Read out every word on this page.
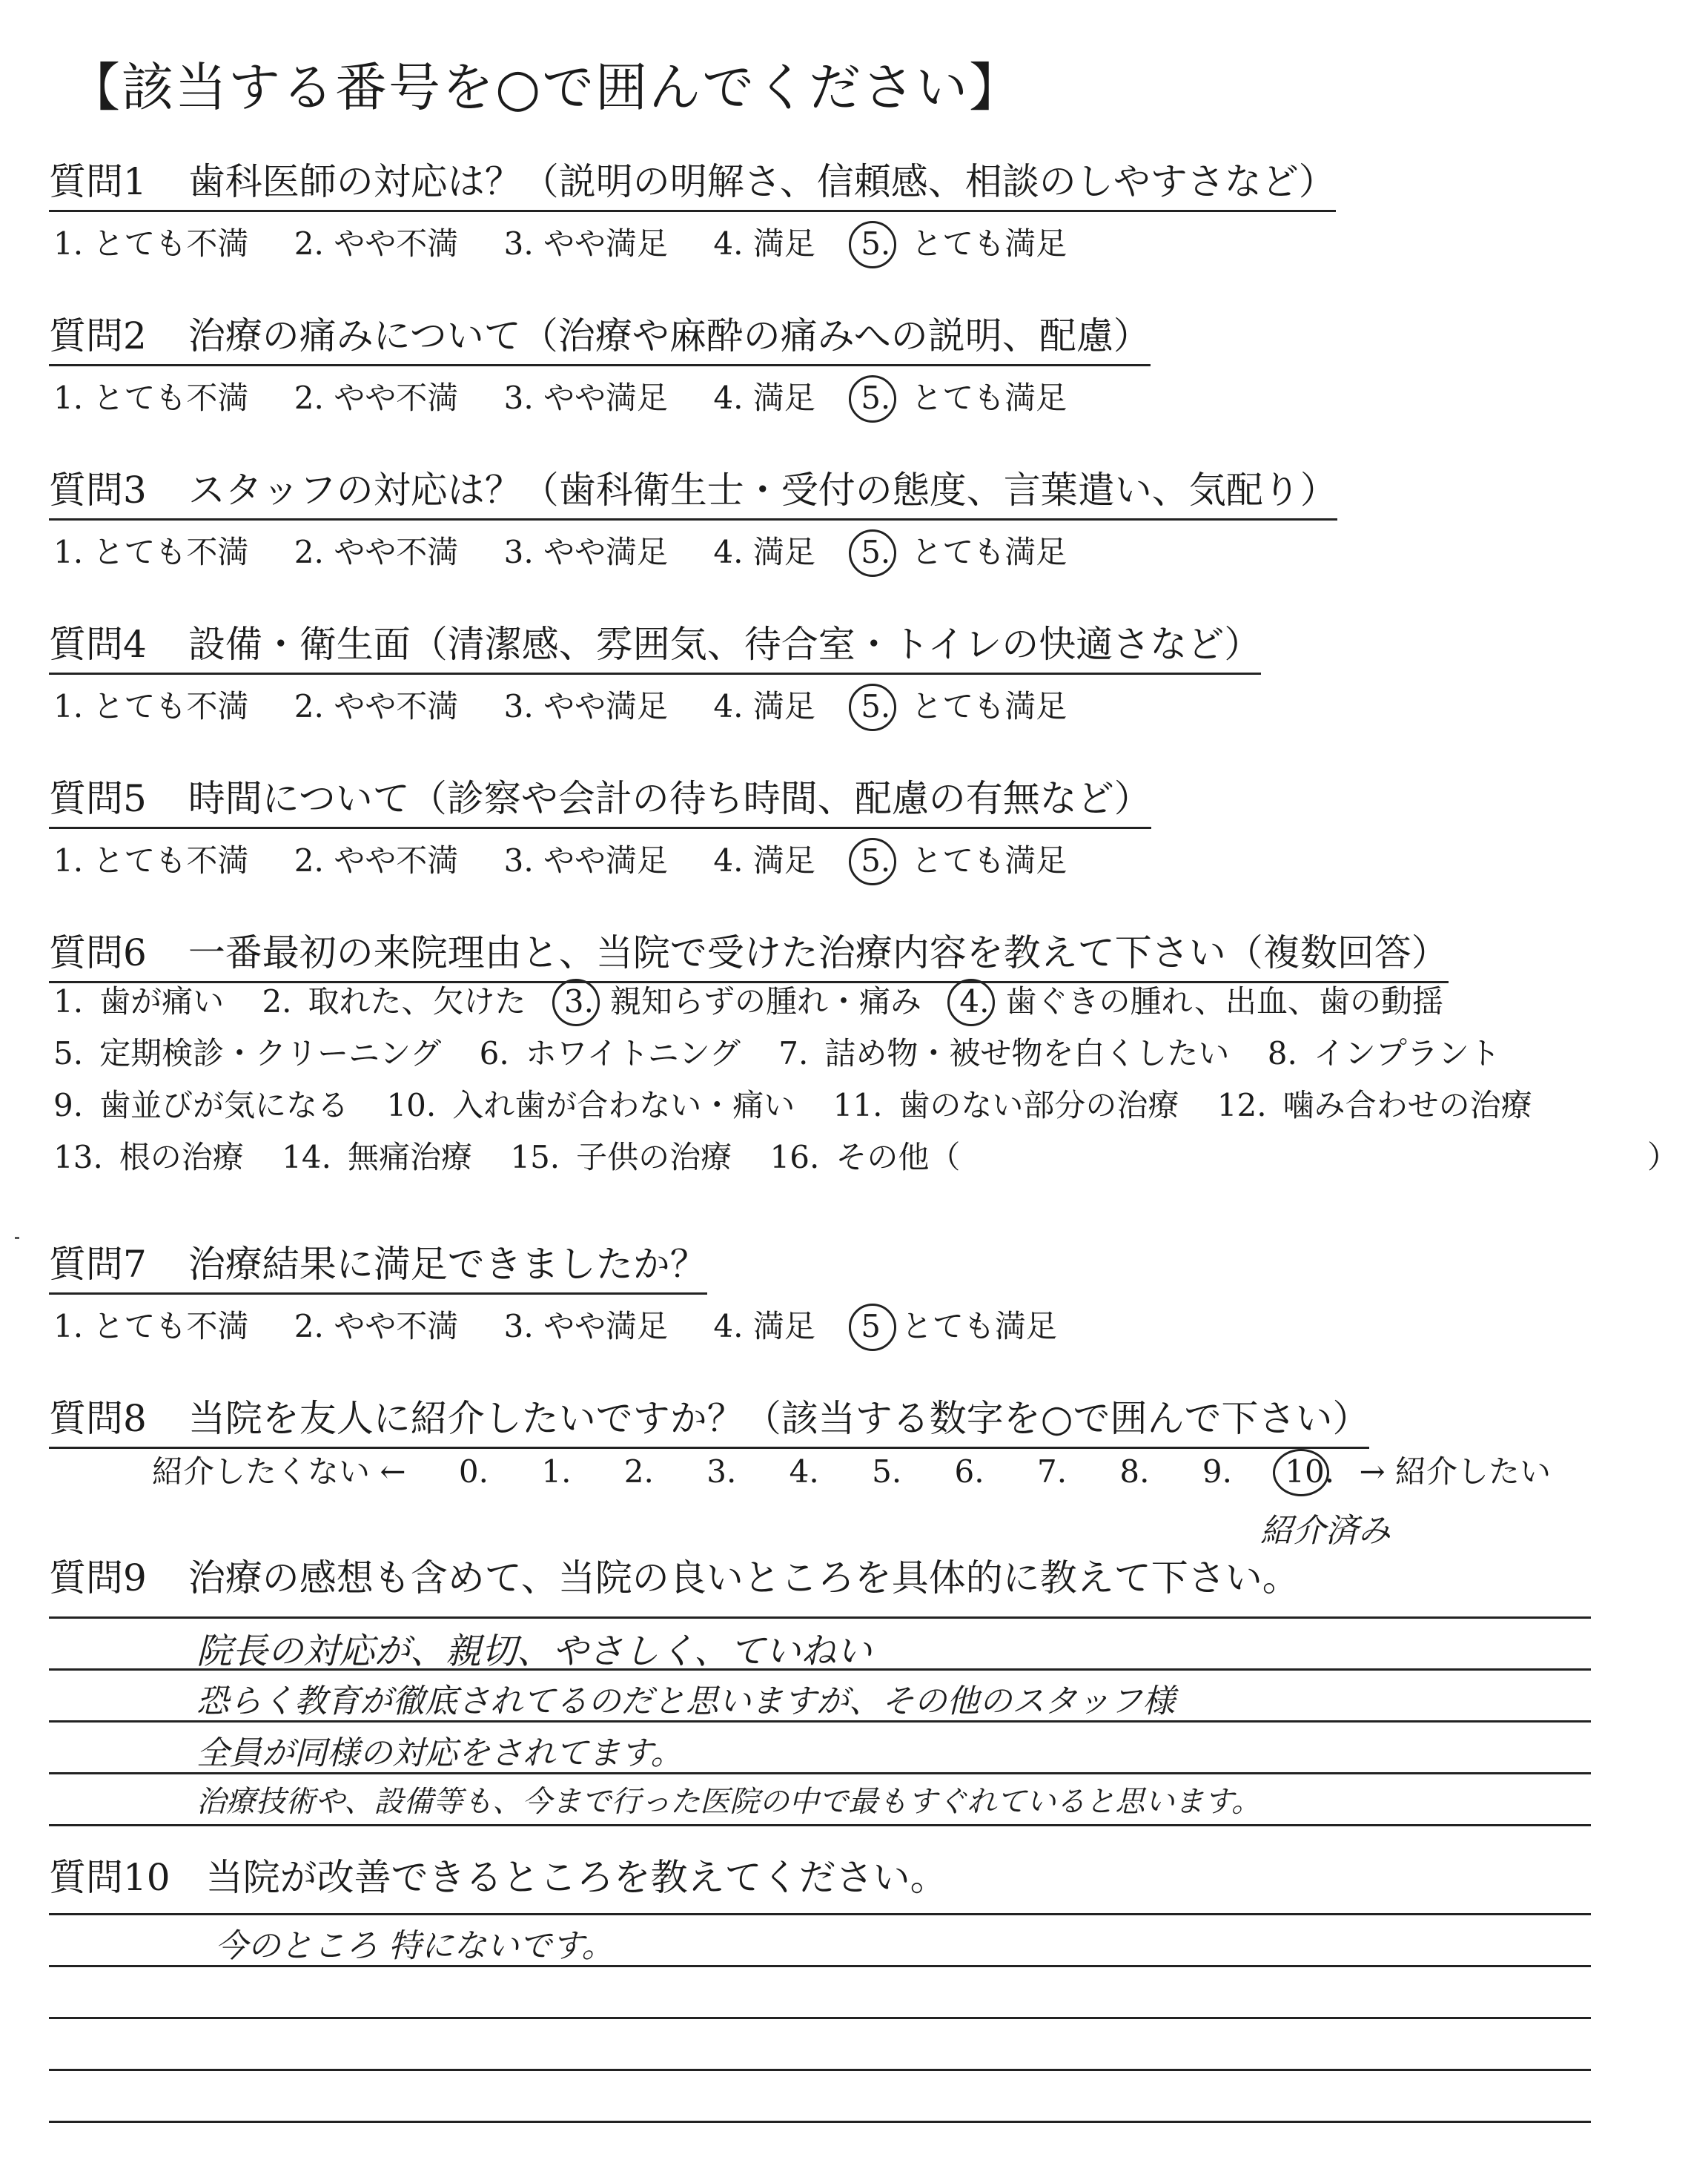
【該当する番号を○で囲んでください】
質問1 歯科医師の対応は？（説明の明解さ、信頼感、相談のしやすさなど）
1. とても不満 2. やや不満 3. やや満足 4. 満足 5. とても満足
質問2 治療の痛みについて（治療や麻酔の痛みへの説明、配慮）
1. とても不満 2. やや不満 3. やや満足 4. 満足 5. とても満足
質問3 スタッフの対応は？（歯科衛生士・受付の態度、言葉遣い、気配り）
1. とても不満 2. やや不満 3. やや満足 4. 満足 5. とても満足
質問4 設備・衛生面（清潔感、雰囲気、待合室・トイレの快適さなど）
1. とても不満 2. やや不満 3. やや満足 4. 満足 5. とても満足
質問5 時間について（診察や会計の待ち時間、配慮の有無など）
1. とても不満 2. やや不満 3. やや満足 4. 満足 5. とても満足
質問6 一番最初の来院理由と、当院で受けた治療内容を教えて下さい（複数回答）
1. 歯が痛い 2. 取れた、欠けた 3. 親知らずの腫れ・痛み 4. 歯ぐきの腫れ、出血、歯の動揺
5. 定期検診・クリーニング 6. ホワイトニング 7. 詰め物・被せ物を白くしたい 8. インプラント
9. 歯並びが気になる 10. 入れ歯が合わない・痛い 11. 歯のない部分の治療 12. 噛み合わせの治療
13. 根の治療 14. 無痛治療 15. 子供の治療 16. その他（	）
質問7 治療結果に満足できましたか？
1. とても不満 2. やや不満 3. やや満足 4. 満足 5 とても満足
質問8 当院を友人に紹介したいですか？（該当する数字を○で囲んで下さい）
紹介したくない ← 0. 1. 2. 3. 4. 5. 6. 7. 8. 9. 10. → 紹介したい
紹介済み
質問9 治療の感想も含めて、当院の良いところを具体的に教えて下さい。
院長の対応が、親切、やさしく、ていねい
恐らく教育が徹底されてるのだと思いますが、その他のスタッフ様
全員が同様の対応をされてます。
治療技術や、設備等も、今まで行った医院の中で最もすぐれていると思います。
質問10 当院が改善できるところを教えてください。
今のところ 特にないです。
